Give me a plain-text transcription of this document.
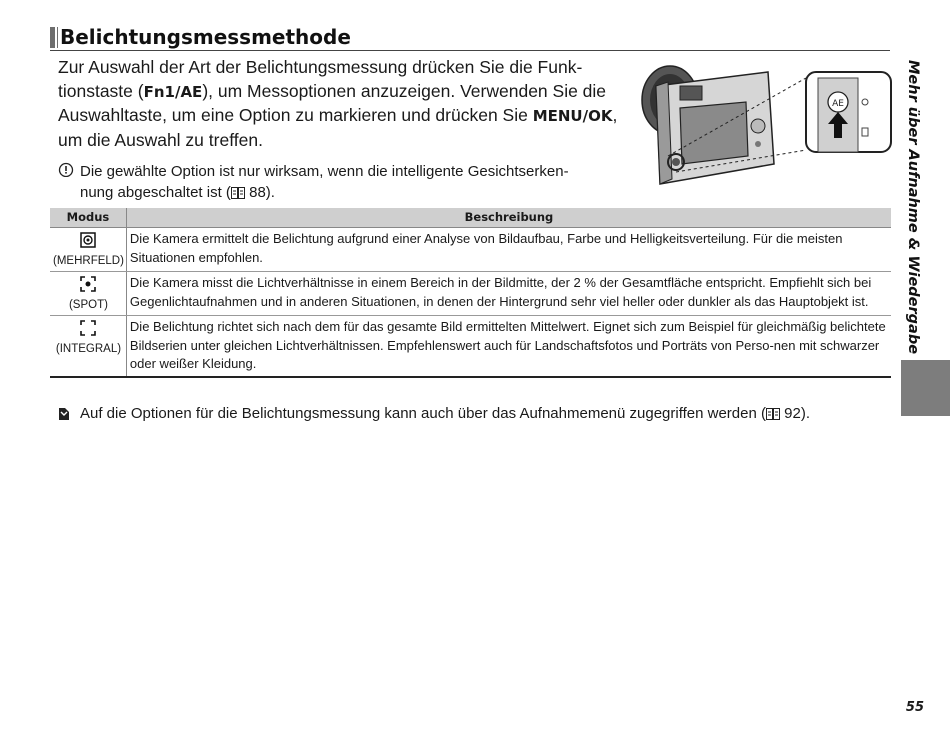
Belichtungsmessmethode

Zur Auswahl der Art der Belichtungsmessung drücken Sie die Funk-
tionstaste (Fn1/AE), um Messoptionen anzuzeigen. Verwenden Sie die
Auswahltaste, um eine Option zu markieren und drücken Sie MENU/OK,
um die Auswahl zu treffen.

Die gewählte Option ist nur wirksam, wenn die intelligente Gesichtserken-
nung abgeschaltet ist ( 88).
AE
Modus	Beschreibung

(MEHRFELD)	Die Kamera ermittelt die Belichtung aufgrund einer Analyse von Bildaufbau, Farbe und Helligkeitsverteilung. Für die meisten Situationen empfohlen.

(SPOT)	Die Kamera misst die Lichtverhältnisse in einem Bereich in der Bildmitte, der 2 % der Gesamtfläche entspricht. Empfiehlt sich bei Gegenlichtaufnahmen und in anderen Situationen, in denen der Hintergrund sehr viel heller oder dunkler als das Hauptobjekt ist.

(INTEGRAL)	Die Belichtung richtet sich nach dem für das gesamte Bild ermittelten Mittelwert. Eignet sich zum Beispiel für gleichmäßig belichtete Bildserien unter gleichen Lichtverhältnissen. Empfehlenswert auch für Landschaftsfotos und Porträts von Perso-nen mit schwarzer oder weißer Kleidung.
Auf die Optionen für die Belichtungsmessung kann auch über das Aufnahmemenü zugegriffen werden ( 92).
Mehr über Aufnahme & Wiedergabe
55
